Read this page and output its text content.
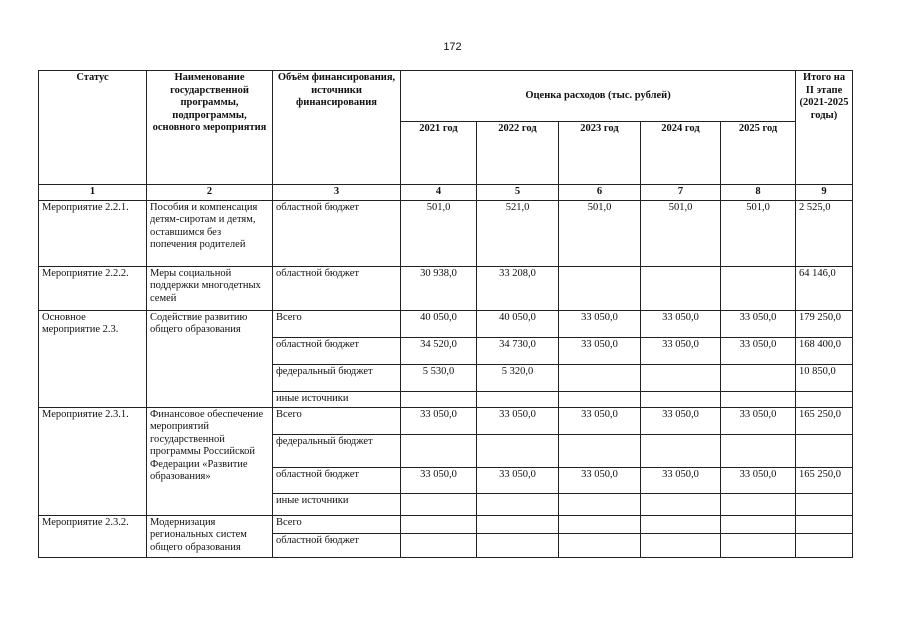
172
Статус	Наименование государственной программы, подпрограммы, основного мероприятия	Объём финансирования, источники финансирования	Оценка расходов (тыс. рублей)					Итого на II этапе (2021-2025 годы)
			2021 год	2022 год	2023 год	2024 год	2025 год	
1	2	3	4	5	6	7	8	9
Мероприятие 2.2.1.	Пособия и компенсация детям-сиротам и детям, оставшимся без попечения родителей	областной бюджет	501,0	521,0	501,0	501,0	501,0	2 525,0
Мероприятие 2.2.2.	Меры социальной поддержки многодетных семей	областной бюджет	30 938,0	33 208,0				64 146,0
Основное мероприятие 2.3.	Содействие развитию общего образования	Всего	40 050,0	40 050,0	33 050,0	33 050,0	33 050,0	179 250,0
		областной бюджет	34 520,0	34 730,0	33 050,0	33 050,0	33 050,0	168 400,0
		федеральный бюджет	5 530,0	5 320,0				10 850,0
		иные источники						
Мероприятие 2.3.1.	Финансовое обеспечение мероприятий государственной программы Российской Федерации «Развитие образования»	Всего	33 050,0	33 050,0	33 050,0	33 050,0	33 050,0	165 250,0
		федеральный бюджет						
		областной бюджет	33 050,0	33 050,0	33 050,0	33 050,0	33 050,0	165 250,0
		иные источники						
Мероприятие 2.3.2.	Модернизация региональных систем общего образования	Всего						
		областной бюджет						
